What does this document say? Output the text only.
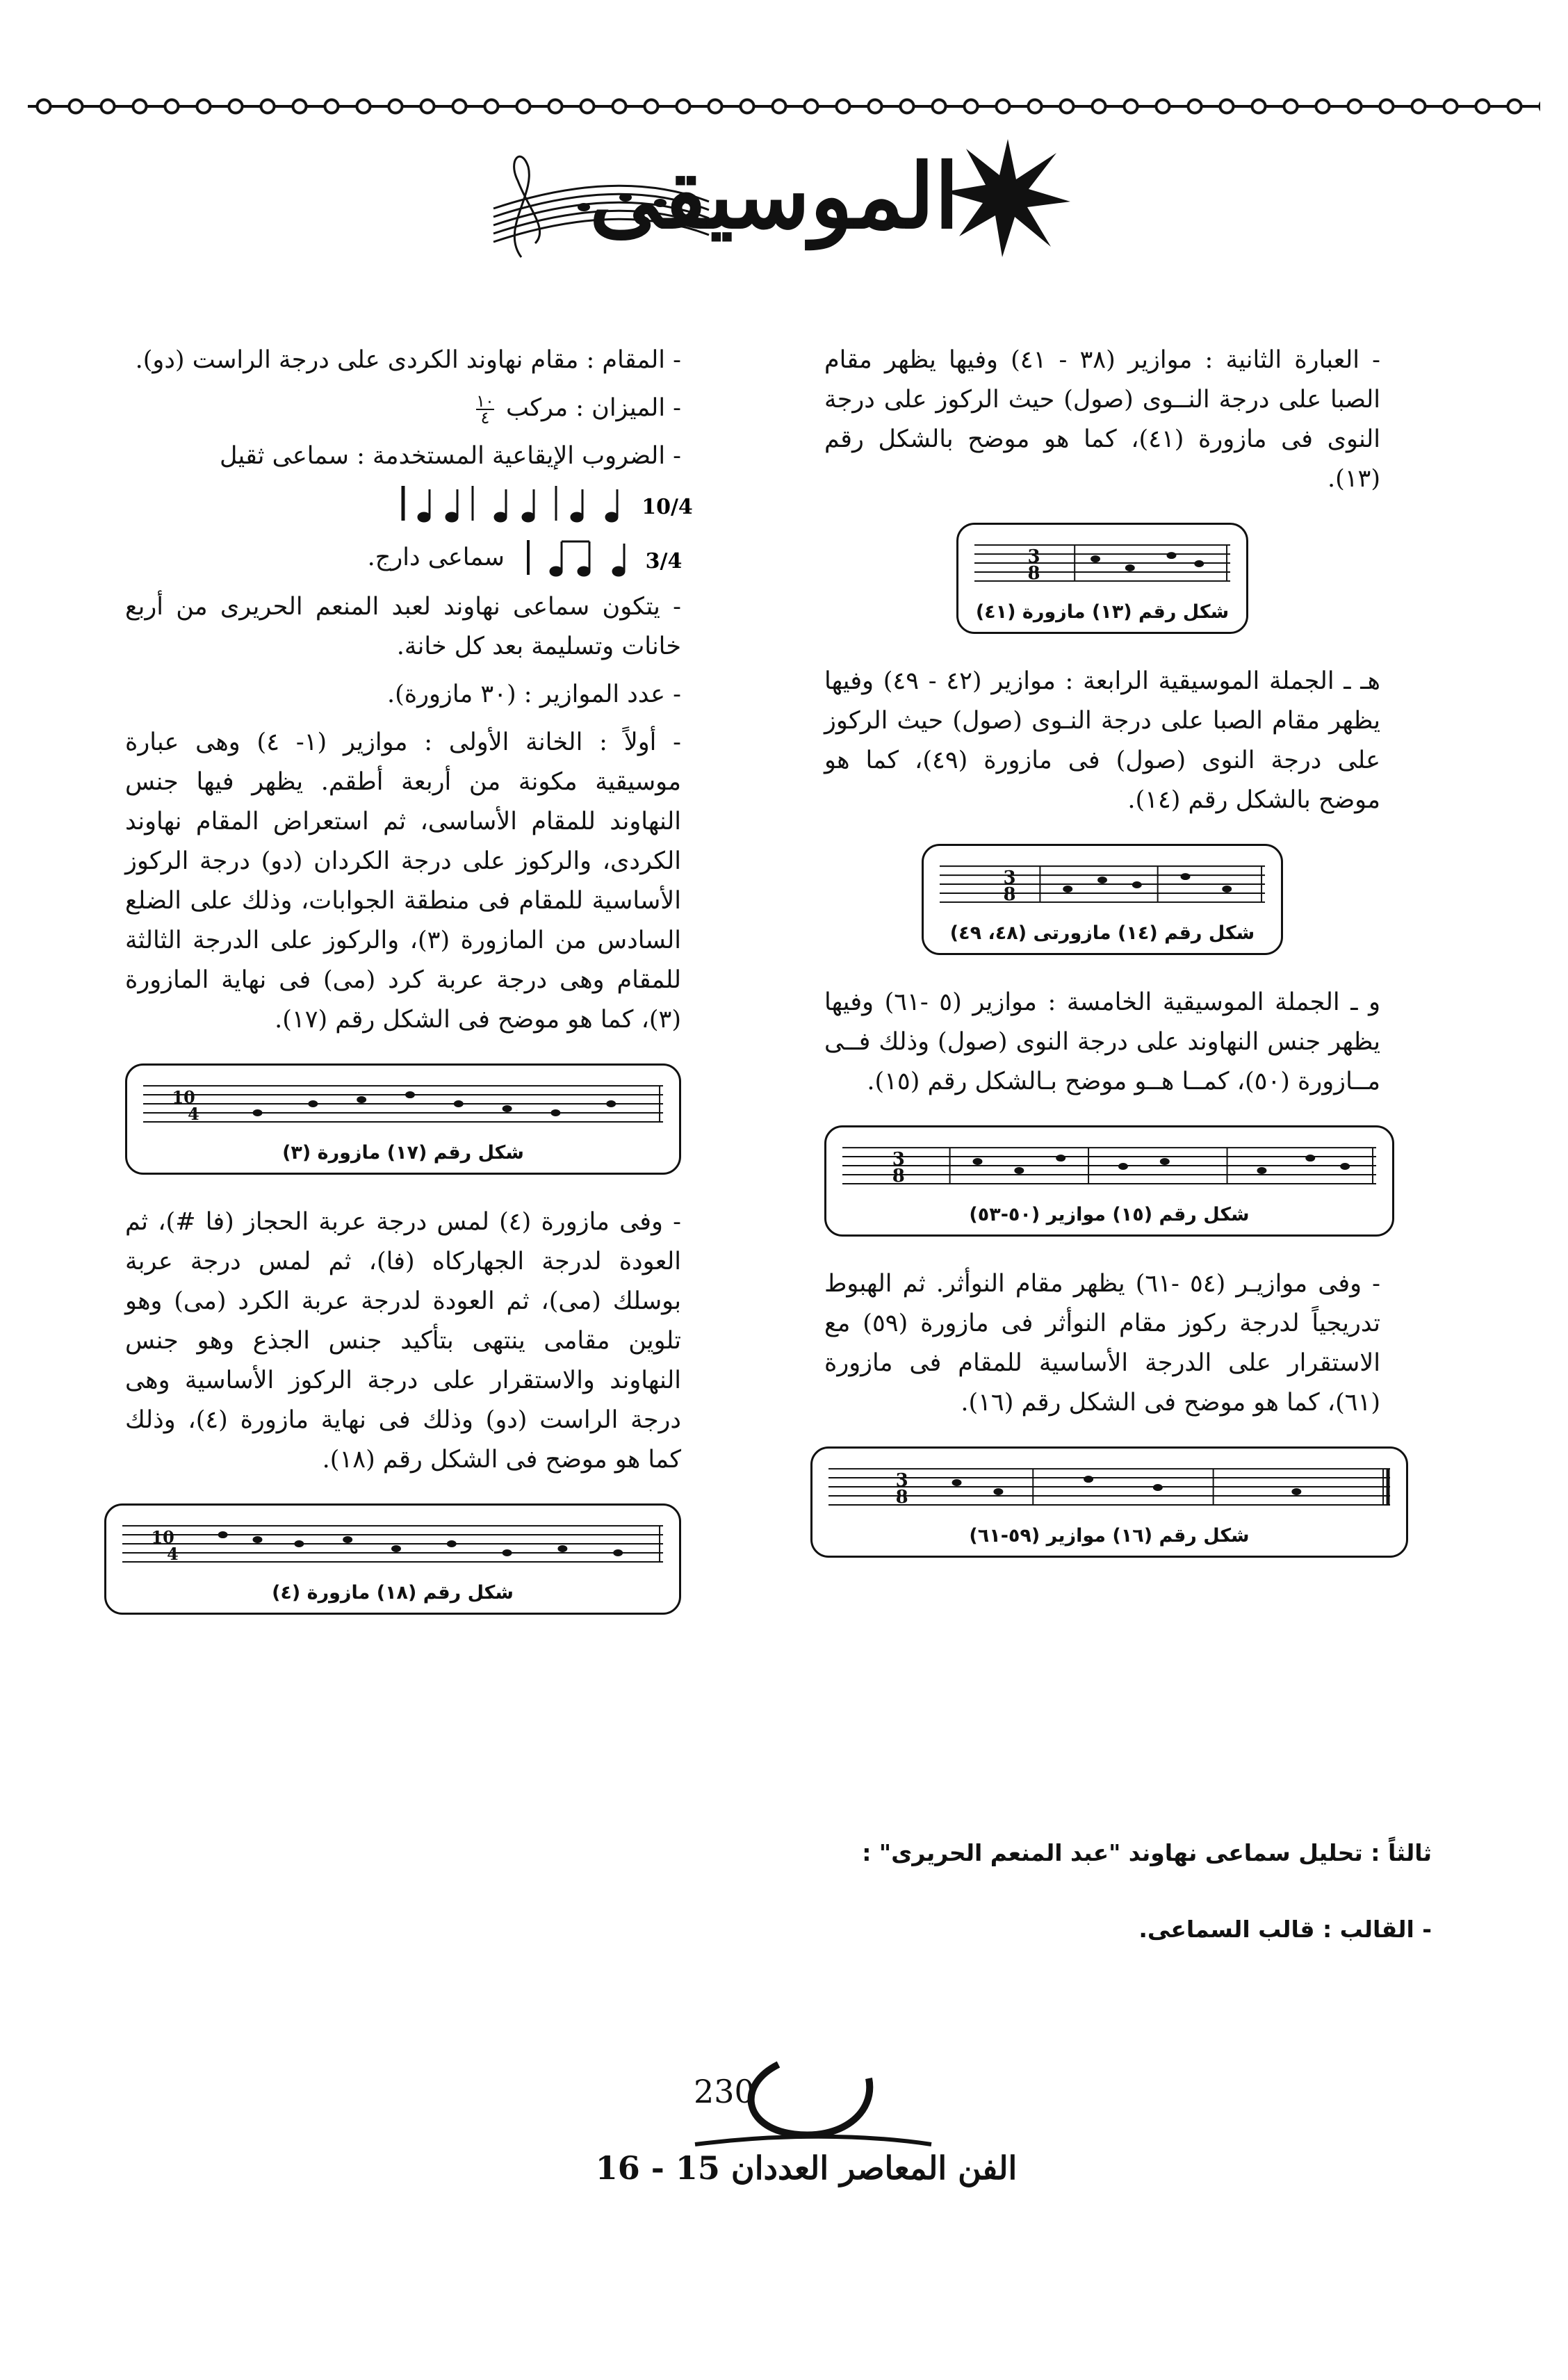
الموسيقى

- العبارة الثانية : موازير (٣٨ - ٤١) وفيها يظهر مقام الصبا على درجة النــوى (صول) حيث الركوز على درجة النوى فى مازورة (٤١)، كما هو موضح بالشكل رقم (١٣).

3
8
شكل رقم (١٣) مازورة (٤١)

هـ ـ الجملة الموسيقية الرابعة : موازير (٤٢ - ٤٩) وفيها يظهر مقام الصبا على درجة النـوى (صول) حيث الركوز على درجة النوى (صول) فى مازورة (٤٩)، كما هو موضح بالشكل رقم (١٤).

3
8
شكل رقم (١٤) مازورتى (٤٨، ٤٩)

و ـ الجملة الموسيقية الخامسة : موازير (٥ -٦١) وفيها يظهر جنس النهاوند على درجة النوى (صول) وذلك فــى مــازورة (٥٠)، كمــا هــو موضح بـالشكل رقم (١٥).

3
8
شكل رقم (١٥) موازير (٥٠-٥٣)

- وفى موازيـر (٥٤ -٦١) يظهر مقام النوأثر. ثم الهبوط تدريجياً لدرجة ركوز مقام النوأثر فى مازورة (٥٩) مع الاستقرار على الدرجة الأساسية للمقام فى مازورة (٦١)، كما هو موضح فى الشكل رقم (١٦).

3
8
شكل رقم (١٦) موازير (٥٩-٦١)
ثالثاً : تحليل سماعى نهاوند "عبد المنعم الحريرى" :
- القالب : قالب السماعى.

- المقام : مقام نهاوند الكردى على درجة الراست (دو).

- الميزان : مركب
١٠
٤

- الضروب الإيقاعية المستخدمة : سماعى ثقيل

10/4
سماعى دارج.	3/4

- يتكون سماعى نهاوند لعبد المنعم الحريرى من أربع خانات وتسليمة بعد كل خانة.

- عدد الموازير : (٣٠ مازورة).

- أولاً : الخانة الأولى : موازير (١- ٤) وهى عبارة موسيقية مكونة من أربعة أطقم. يظهر فيها جنس النهاوند للمقام الأساسى، ثم استعراض المقام نهاوند الكردى، والركوز على درجة الكردان (دو) درجة الركوز الأساسية للمقام فى منطقة الجوابات، وذلك على الضلع السادس من المازورة (٣)، والركوز على الدرجة الثالثة للمقام وهى درجة عربة كرد (مى) فى نهاية المازورة (٣)، كما هو موضح فى الشكل رقم (١٧).

10
4
شكل رقم (١٧) مازورة (٣)

- وفى مازورة (٤) لمس درجة عربة الحجاز (فا #)، ثم العودة لدرجة الجهاركاه (فا)، ثم لمس درجة عربة بوسلك (مى)، ثم العودة لدرجة عربة الكرد (مى) وهو تلوين مقامى ينتهى بتأكيد جنس الجذع وهو جنس النهاوند والاستقرار على درجة الركوز الأساسية وهى درجة الراست (دو) وذلك فى نهاية مازورة (٤)، وذلك كما هو موضح فى الشكل رقم (١٨).

10
4
شكل رقم (١٨) مازورة (٤)
230
الفن المعاصر العددان 15 - 16
